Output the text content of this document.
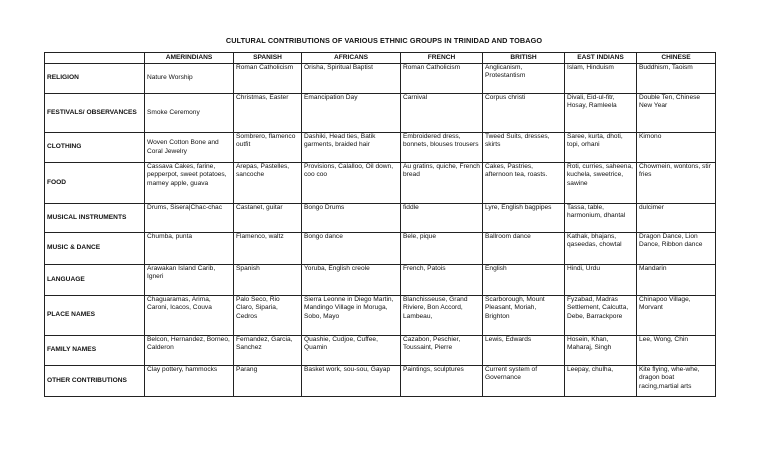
CULTURAL CONTRIBUTIONS OF VARIOUS ETHNIC GROUPS IN TRINIDAD AND TOBAGO
	AMERINDIANS	SPANISH	AFRICANS	FRENCH	BRITISH	EAST INDIANS	CHINESE
RELIGION	Nature Worship	Roman Catholicism	Orisha, Spiritual Baptist	Roman Catholicism	Anglicanism, Protestantism	Islam, Hinduism	Buddhism, Taoism
FESTIVALS/ OBSERVANCES	Smoke Ceremony	Christmas, Easter	Emancipation Day	Carnival	Corpus christi	Divali, Eid-ul-fitr, Hosay, Ramleela	Double Ten, Chinese New Year
CLOTHING	Woven Cotton Bone and Coral Jewelry	Sombrero, flamenco outfit	Dashiki, Head ties, Batik garments, braided hair	Embroidered dress, bonnets, blouses trousers	Tweed Suits, dresses, skirts	Saree, kurta, dhoti, topi, orhani	Kimono
FOOD	Cassava Cakes, farine, pepperpot, sweet potatoes, mamey apple, guava	Arepas, Pastelles, sancoche	Provisions, Calalloo, Oil down, coo coo	Au gratins, quiche, French bread	Cakes, Pastries, afternoon tea, roasts.	Roti, curries, saheena, kuchela, sweetrice, sawine	Chowmein, wontons, stir fries
MUSICAL INSTRUMENTS	Drums, Sisera|Chac-chac	Castanet, guitar	Bongo Drums	fiddle	Lyre, English bagpipes	Tassa, table, harmonium, dhantal	dulcimer
MUSIC & DANCE	Chumba, punta	Flamenco, waltz	Bongo dance	Bele, pique	Ballroom dance	Kathak, bhajans, qaseedas, chowtal	Dragon Dance, Lion Dance, Ribbon dance
LANGUAGE	Arawakan Island Carib, Igneri	Spanish	Yoruba, English creole	French, Patois	English	Hindi, Urdu	Mandarin
PLACE NAMES	Chaguaramas, Arima, Caroni, Icacos, Couva	Palo Seco, Rio Claro, Siparia, Cedros	Sierra Leonne in Diego Martin, Mandingo Village in Moruga, Sobo, Mayo	Blanchisseuse, Grand Riviere, Bon Accord, Lambeau,	Scarborough, Mount Pleasant, Moriah, Brighton	Fyzabad, Madras Settlement, Calcutta, Debe, Barrackpore	Chinapoo Village, Morvant
FAMILY NAMES	Belcon, Hernandez, Borneo, Calderon	Fernandez, Garcia, Sanchez	Quashie, Cudjoe, Cuffee, Quamin	Cazabon, Peschier, Toussaint, Pierre	Lewis, Edwards	Hosein, Khan, Maharaj, Singh	Lee, Wong, Chin
OTHER CONTRIBUTIONS	Clay pottery, hammocks	Parang	Basket work, sou-sou, Gayap	Paintings, sculptures	Current system of Governance	Leepay, chulha,	Kite flying, whe-whe, dragon boat racing,martial arts
